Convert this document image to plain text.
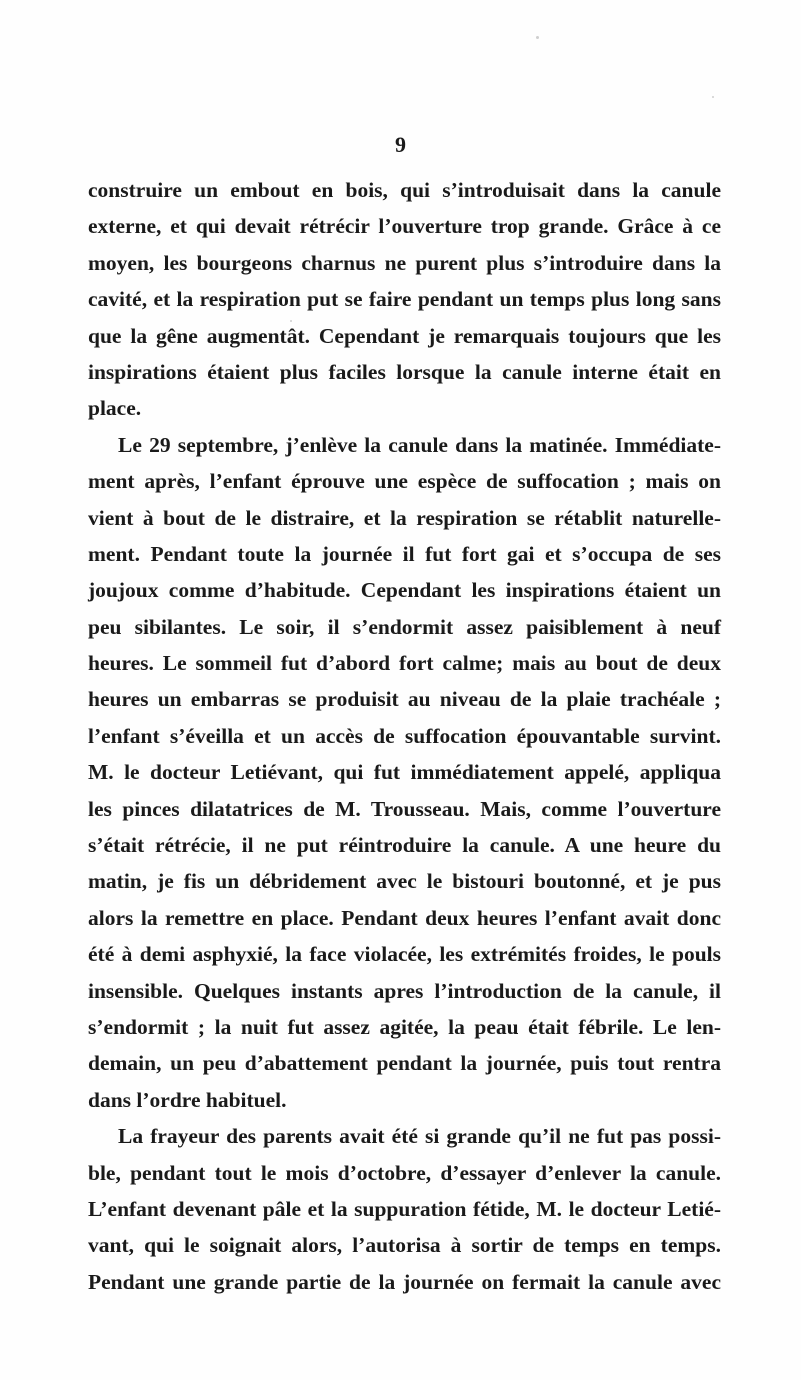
9
construire un embout en bois, qui s’introduisait dans la canule
externe, et qui devait rétrécir l’ouverture trop grande. Grâce à ce
moyen, les bourgeons charnus ne purent plus s’introduire dans la
cavité, et la respiration put se faire pendant un temps plus long sans
que la gêne augmentât. Cependant je remarquais toujours que les
inspirations étaient plus faciles lorsque la canule interne était en
place.
Le 29 septembre, j’enlève la canule dans la matinée. Immédiate-
ment après, l’enfant éprouve une espèce de suffocation ; mais on
vient à bout de le distraire, et la respiration se rétablit naturelle-
ment. Pendant toute la journée il fut fort gai et s’occupa de ses
joujoux comme d’habitude. Cependant les inspirations étaient un
peu sibilantes. Le soir, il s’endormit assez paisiblement à neuf
heures. Le sommeil fut d’abord fort calme; mais au bout de deux
heures un embarras se produisit au niveau de la plaie trachéale ;
l’enfant s’éveilla et un accès de suffocation épouvantable survint.
M. le docteur Letiévant, qui fut immédiatement appelé, appliqua
les pinces dilatatrices de M. Trousseau. Mais, comme l’ouverture
s’était rétrécie, il ne put réintroduire la canule. A une heure du
matin, je fis un débridement avec le bistouri boutonné, et je pus
alors la remettre en place. Pendant deux heures l’enfant avait donc
été à demi asphyxié, la face violacée, les extrémités froides, le pouls
insensible. Quelques instants apres l’introduction de la canule, il
s’endormit ; la nuit fut assez agitée, la peau était fébrile. Le len-
demain, un peu d’abattement pendant la journée, puis tout rentra
dans l’ordre habituel.
La frayeur des parents avait été si grande qu’il ne fut pas possi-
ble, pendant tout le mois d’octobre, d’essayer d’enlever la canule.
L’enfant devenant pâle et la suppuration fétide, M. le docteur Letié-
vant, qui le soignait alors, l’autorisa à sortir de temps en temps.
Pendant une grande partie de la journée on fermait la canule avec
